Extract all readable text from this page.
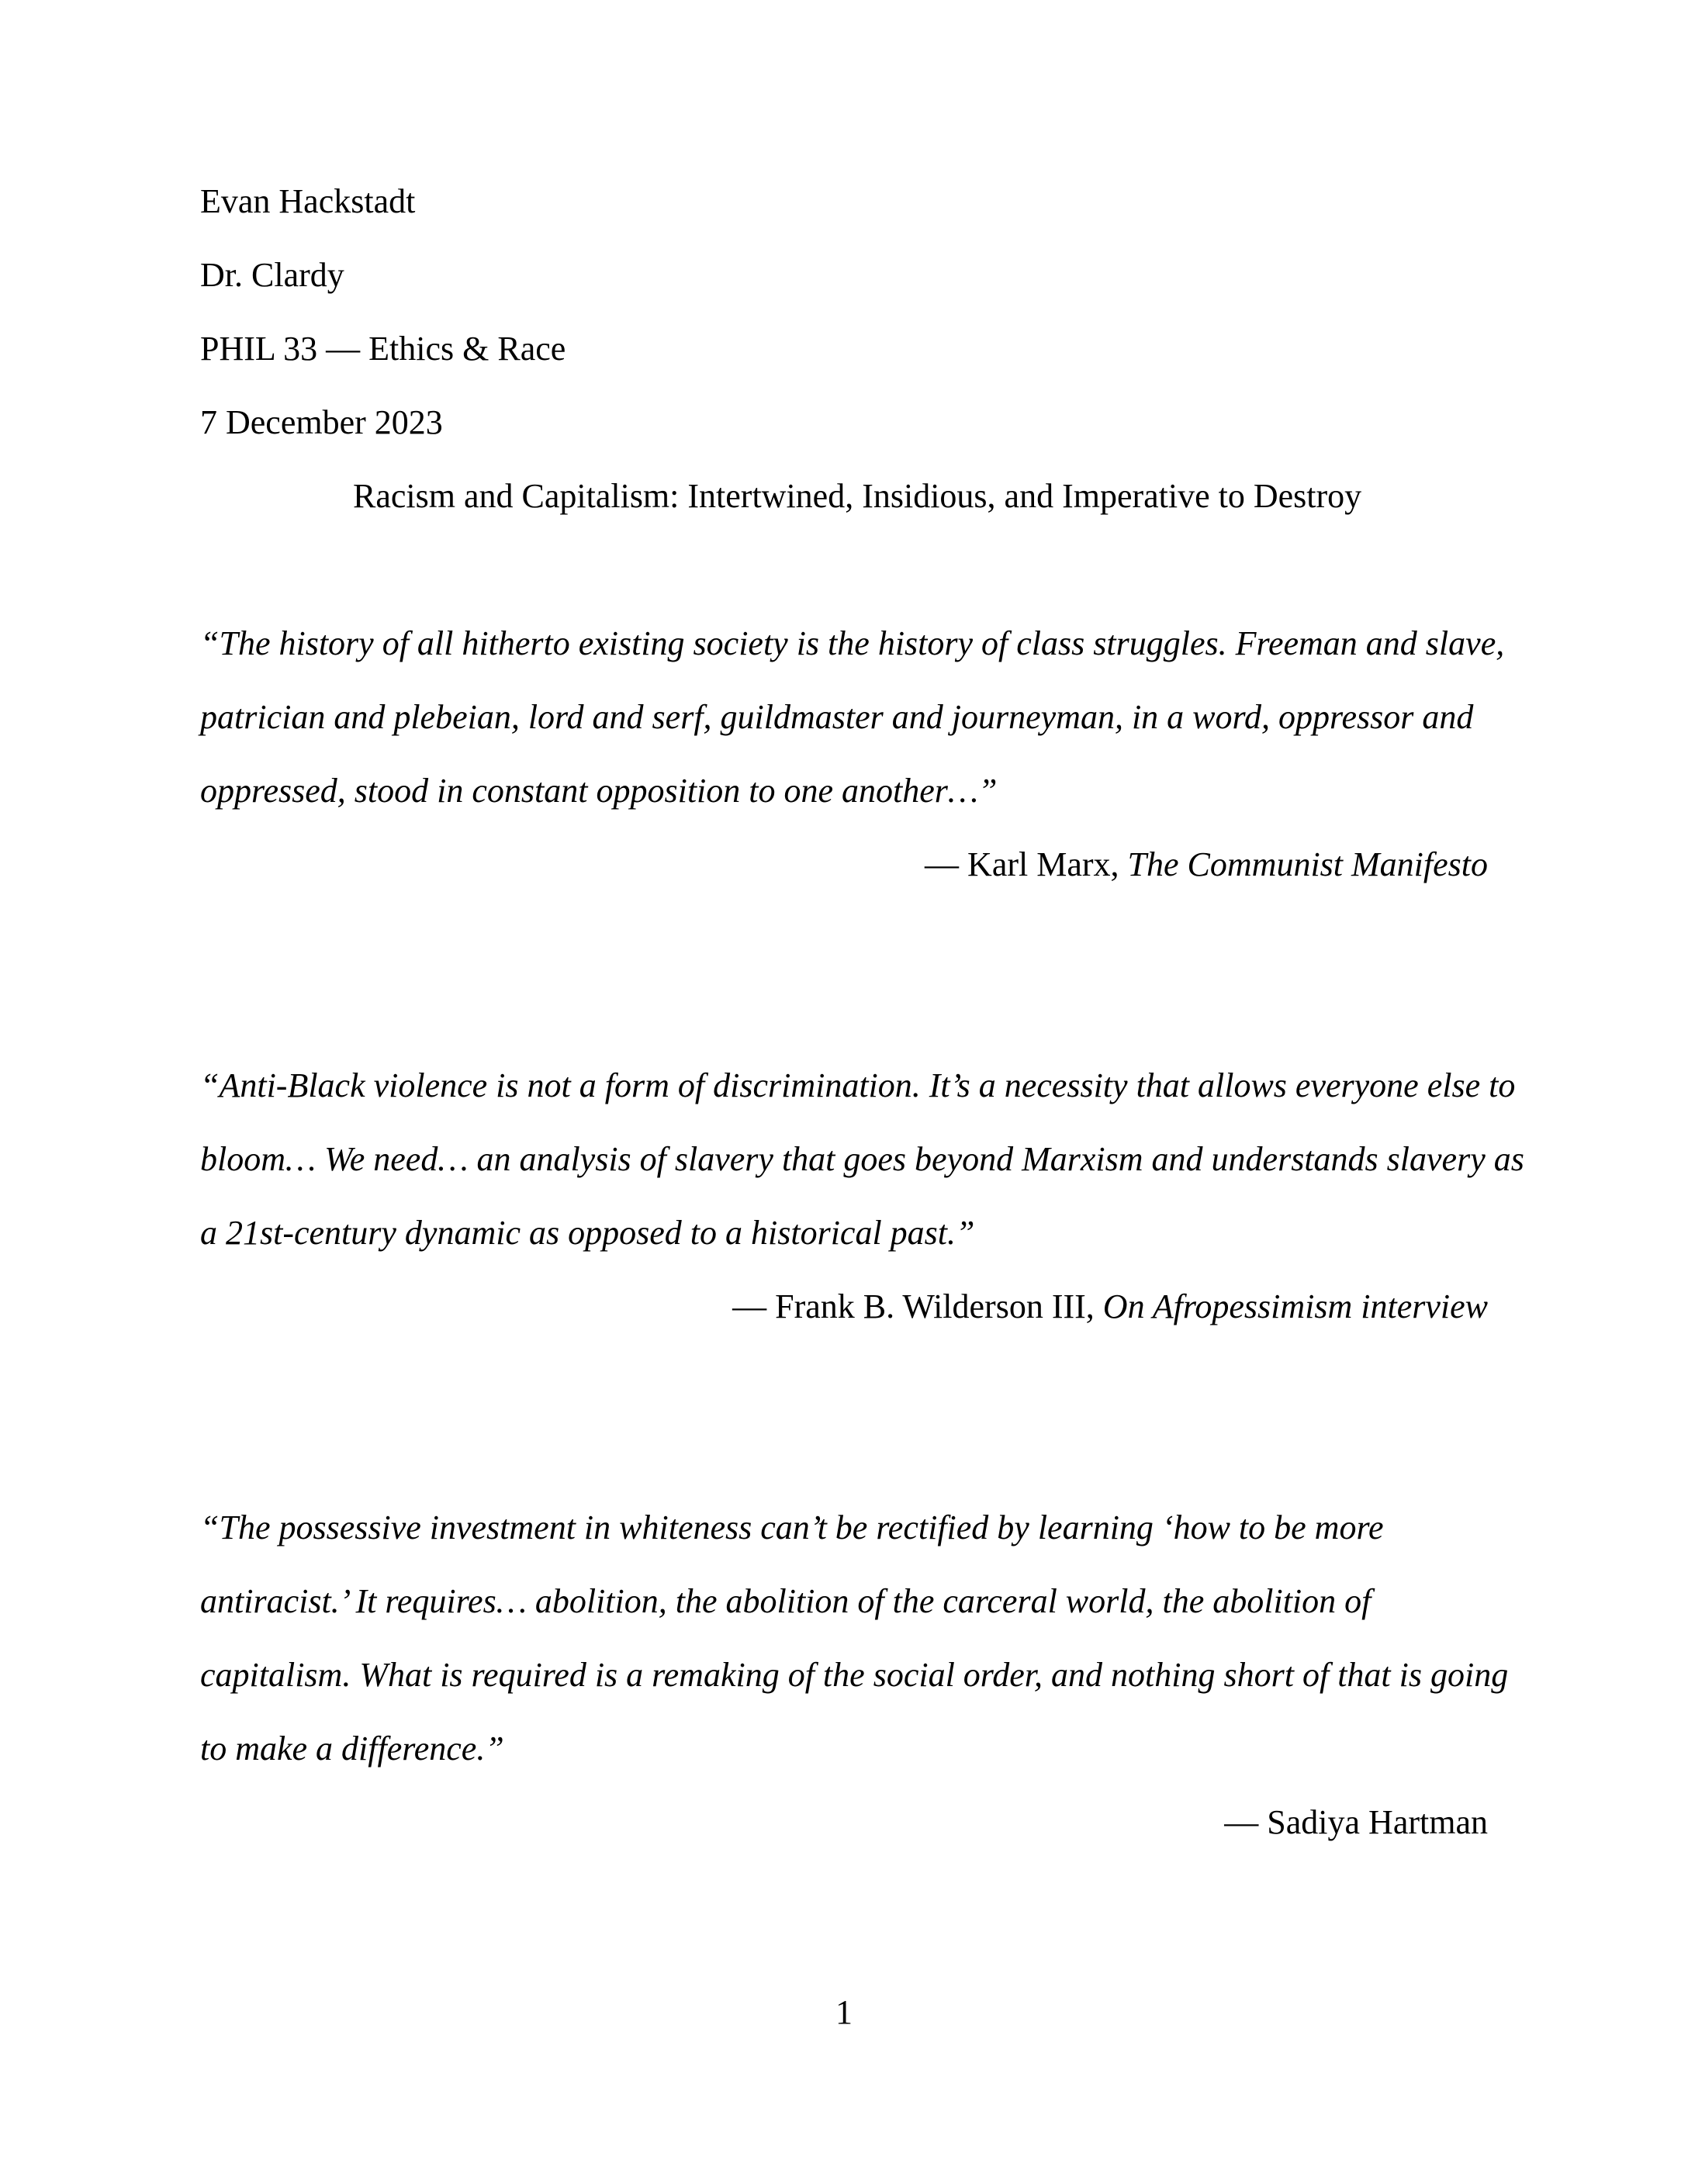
Evan Hackstadt
Dr. Clardy
PHIL 33 — Ethics & Race
7 December 2023
Racism and Capitalism: Intertwined, Insidious, and Imperative to Destroy
“The history of all hitherto existing society is the history of class struggles. Freeman and slave,
patrician and plebeian, lord and serf, guildmaster and journeyman, in a word, oppressor and
oppressed, stood in constant opposition to one another…”
— Karl Marx, The Communist Manifesto
“Anti-Black violence is not a form of discrimination. It’s a necessity that allows everyone else to
bloom… We need… an analysis of slavery that goes beyond Marxism and understands slavery as
a 21st-century dynamic as opposed to a historical past.”
— Frank B. Wilderson III, On Afropessimism interview
“The possessive investment in whiteness can’t be rectified by learning ‘how to be more
antiracist.’ It requires… abolition, the abolition of the carceral world, the abolition of
capitalism. What is required is a remaking of the social order, and nothing short of that is going
to make a difference.”
— Sadiya Hartman
1
